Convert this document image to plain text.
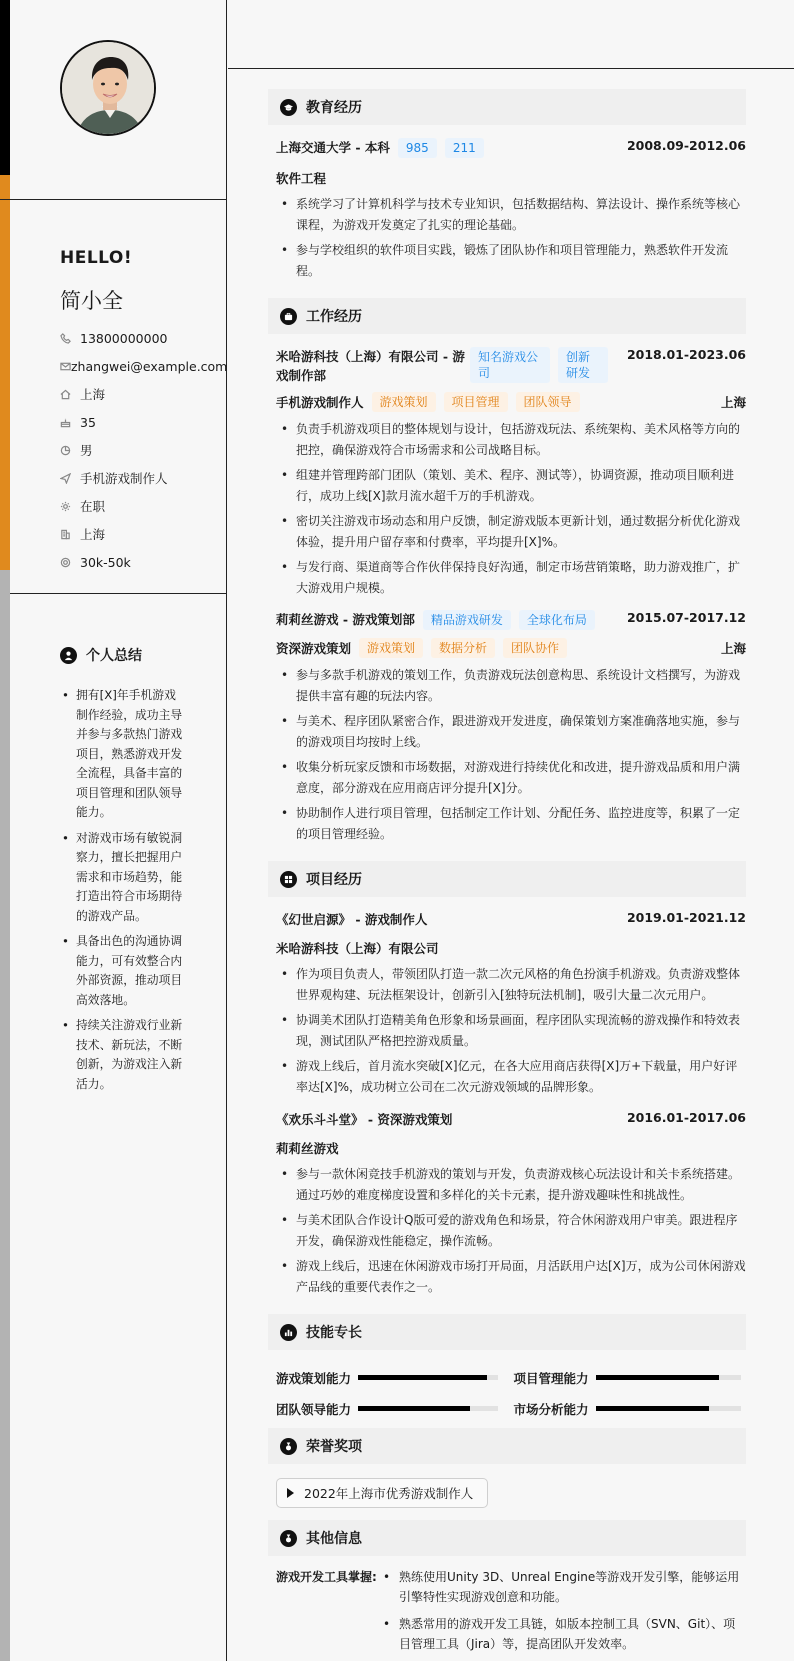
HELLO!
简小全
13800000000
zhangwei@example.com
上海
35
男
手机游戏制作人
在职
上海
30k-50k
个人总结
• 拥有[X]年手机游戏制作经验，成功主导并参与多款热门游戏项目，熟悉游戏开发全流程，具备丰富的项目管理和团队领导能力。
• 对游戏市场有敏锐洞察力，擅长把握用户需求和市场趋势，能打造出符合市场期待的游戏产品。
• 具备出色的沟通协调能力，可有效整合内外部资源，推动项目高效落地。
• 持续关注游戏行业新技术、新玩法，不断创新，为游戏注入新活力。
教育经历
上海交通大学 - 本科	985	211	2008.09-2012.06
软件工程
• 系统学习了计算机科学与技术专业知识，包括数据结构、算法设计、操作系统等核心课程，为游戏开发奠定了扎实的理论基础。
• 参与学校组织的软件项目实践，锻炼了团队协作和项目管理能力，熟悉软件开发流程。
工作经历
米哈游科技（上海）有限公司 - 游戏制作部
知名游戏公司
创新研发
2018.01-2023.06
手机游戏制作人	游戏策划	项目管理	团队领导	上海
• 负责手机游戏项目的整体规划与设计，包括游戏玩法、系统架构、美术风格等方向的把控，确保游戏符合市场需求和公司战略目标。
• 组建并管理跨部门团队（策划、美术、程序、测试等），协调资源，推动项目顺利进行，成功上线[X]款月流水超千万的手机游戏。
• 密切关注游戏市场动态和用户反馈，制定游戏版本更新计划，通过数据分析优化游戏体验，提升用户留存率和付费率，平均提升[X]%。
• 与发行商、渠道商等合作伙伴保持良好沟通，制定市场营销策略，助力游戏推广，扩大游戏用户规模。
莉莉丝游戏 - 游戏策划部	精品游戏研发	全球化布局	2015.07-2017.12
资深游戏策划	游戏策划	数据分析	团队协作	上海
• 参与多款手机游戏的策划工作，负责游戏玩法创意构思、系统设计文档撰写，为游戏提供丰富有趣的玩法内容。
• 与美术、程序团队紧密合作，跟进游戏开发进度，确保策划方案准确落地实施，参与的游戏项目均按时上线。
• 收集分析玩家反馈和市场数据，对游戏进行持续优化和改进，提升游戏品质和用户满意度，部分游戏在应用商店评分提升[X]分。
• 协助制作人进行项目管理，包括制定工作计划、分配任务、监控进度等，积累了一定的项目管理经验。
项目经历
《幻世启源》 - 游戏制作人	2019.01-2021.12
米哈游科技（上海）有限公司
• 作为项目负责人，带领团队打造一款二次元风格的角色扮演手机游戏。负责游戏整体世界观构建、玩法框架设计，创新引入[独特玩法机制]，吸引大量二次元用户。
• 协调美术团队打造精美角色形象和场景画面，程序团队实现流畅的游戏操作和特效表现，测试团队严格把控游戏质量。
• 游戏上线后，首月流水突破[X]亿元，在各大应用商店获得[X]万+下载量，用户好评率达[X]%，成功树立公司在二次元游戏领域的品牌形象。
《欢乐斗斗堂》 - 资深游戏策划	2016.01-2017.06
莉莉丝游戏
• 参与一款休闲竞技手机游戏的策划与开发，负责游戏核心玩法设计和关卡系统搭建。通过巧妙的难度梯度设置和多样化的关卡元素，提升游戏趣味性和挑战性。
• 与美术团队合作设计Q版可爱的游戏角色和场景，符合休闲游戏用户审美。跟进程序开发，确保游戏性能稳定，操作流畅。
• 游戏上线后，迅速在休闲游戏市场打开局面，月活跃用户达[X]万，成为公司休闲游戏产品线的重要代表作之一。
技能专长
游戏策划能力	项目管理能力
团队领导能力	市场分析能力
荣誉奖项
2022年上海市优秀游戏制作人
其他信息
游戏开发工具掌握:
•	熟练使用Unity 3D、Unreal Engine等游戏开发引擎，能够运用引擎特性实现游戏创意和功能。
• 熟悉常用的游戏开发工具链，如版本控制工具（SVN、Git）、项目管理工具（Jira）等，提高团队开发效率。
